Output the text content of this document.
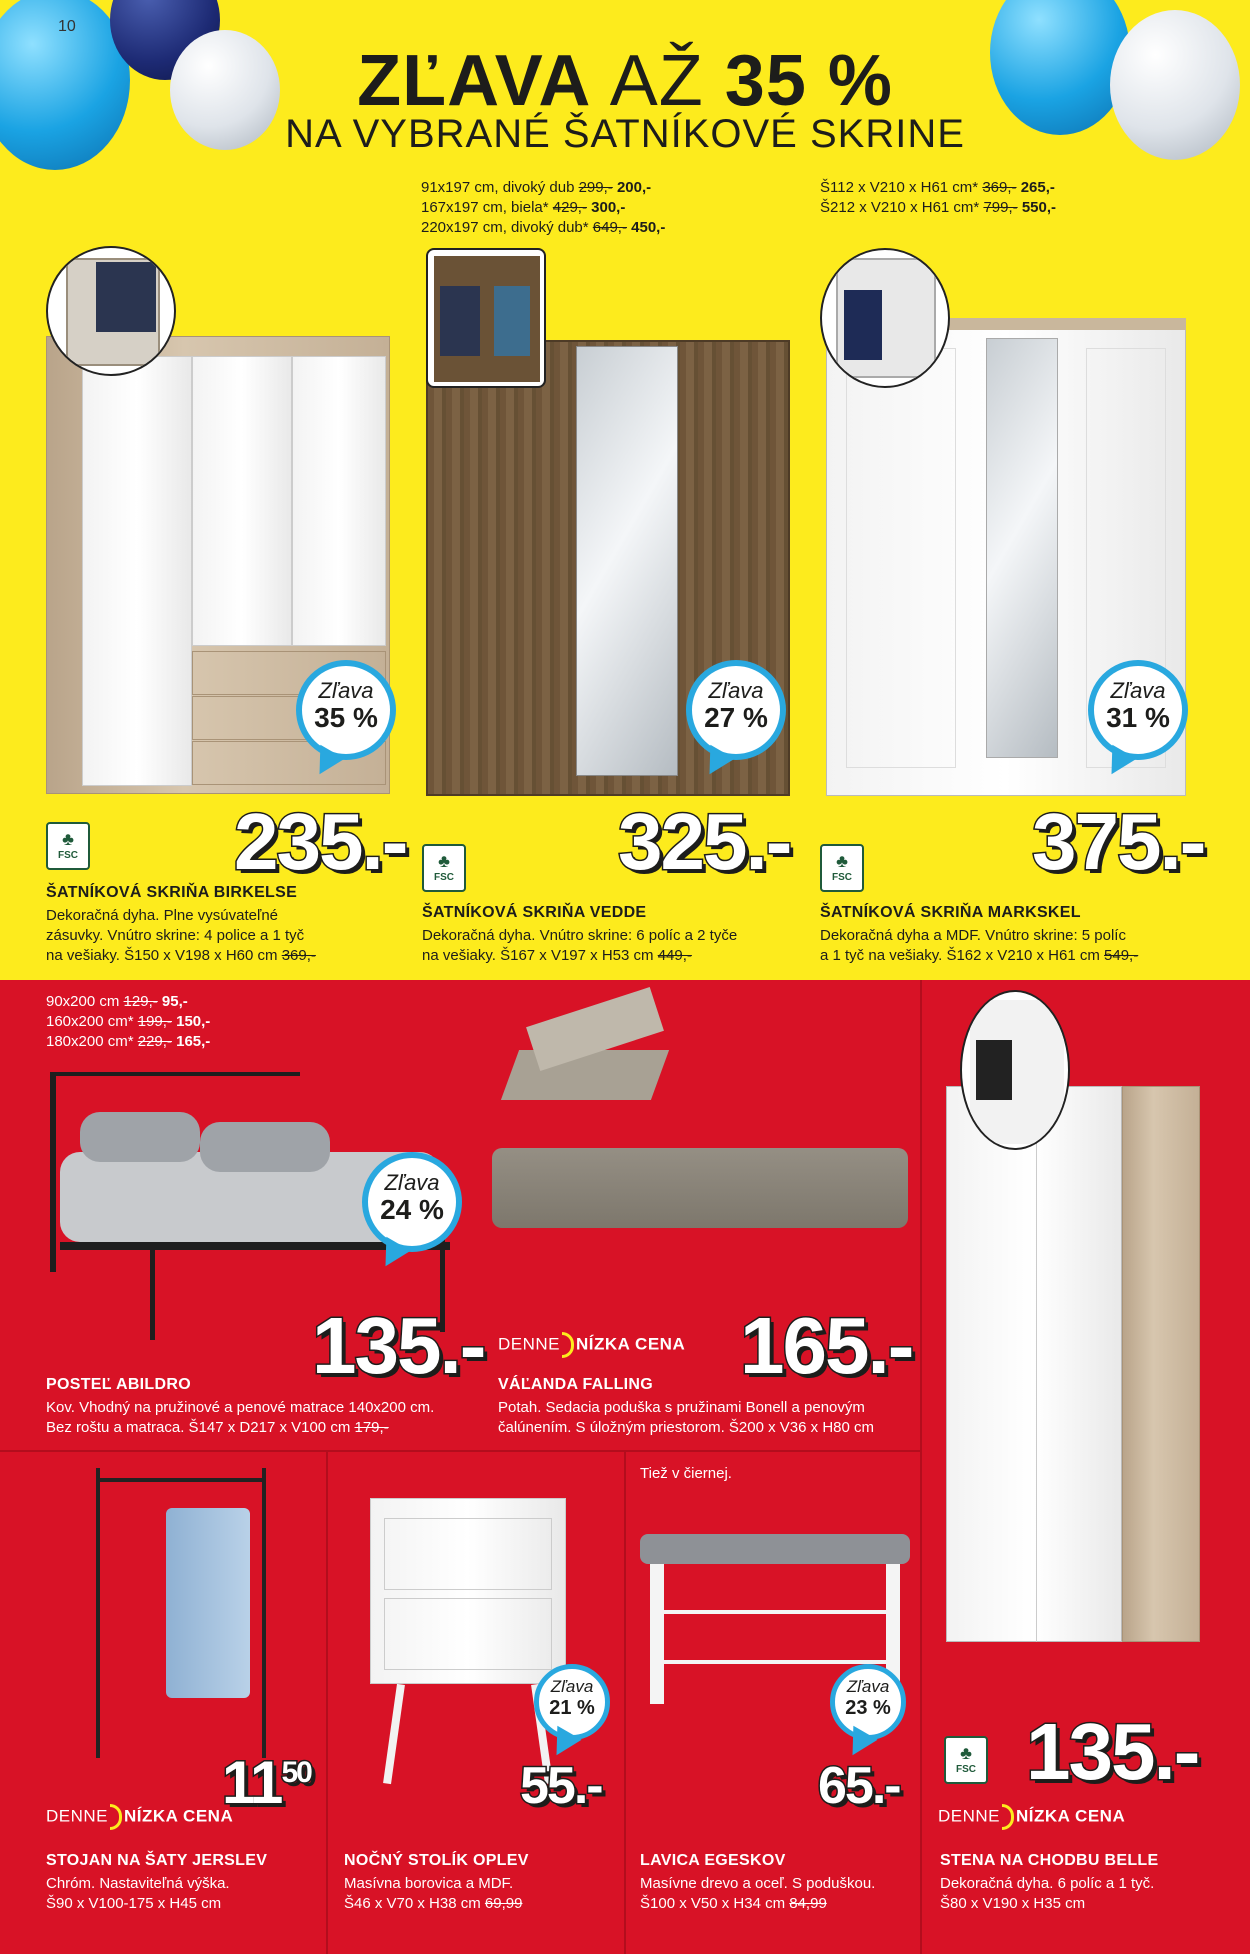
10
ZĽAVA AŽ 35 %
NA VYBRANÉ ŠATNÍKOVÉ SKRINE
91x197 cm, divoký dub 299,- 200,-
167x197 cm, biela* 429,- 300,-
220x197 cm, divoký dub* 649,- 450,-
Š112 x V210 x H61 cm* 369,- 265,-
Š212 x V210 x H61 cm* 799,- 550,-
Zľava
35 %
Zľava
27 %
Zľava
31 %
♣
FSC	♣
FSC
♣
FSC
235.-	325.-	375.-
ŠATNÍKOVÁ SKRIŇA BIRKELSE
Dekoračná dyha. Plne vysúvateľné
zásuvky. Vnútro skrine: 4 police a 1 tyč
na vešiaky. Š150 x V198 x H60 cm 369,-
ŠATNÍKOVÁ SKRIŇA VEDDE
Dekoračná dyha. Vnútro skrine: 6 políc a 2 tyče
na vešiaky. Š167 x V197 x H53 cm 449,-
ŠATNÍKOVÁ SKRIŇA MARKSKEL
Dekoračná dyha a MDF. Vnútro skrine: 5 políc
a 1 tyč na vešiaky. Š162 x V210 x H61 cm 549,-
90x200 cm 129,- 95,-
160x200 cm* 199,- 150,-
180x200 cm* 229,- 165,-
Zľava
24 %
135.-
POSTEĽ ABILDRO
Kov. Vhodný na pružinové a penové matrace 140x200 cm.
Bez roštu a matraca. Š147 x D217 x V100 cm 179,-
DENNE NÍZKA CENA 165.-
VÁĽANDA FALLING
Potah. Sedacia poduška s pružinami Bonell a penovým
čalúnením. S úložným priestorom. Š200 x V36 x H80 cm
♣
FSC 135.-
DENNE NÍZKA CENA
STENA NA CHODBU BELLE
Dekoračná dyha. 6 políc a 1 tyč.
Š80 x V190 x H35 cm
$11^{50}$
DENNE NÍZKA CENA
STOJAN NA ŠATY JERSLEV
Chróm. Nastaviteľná výška.
Š90 x V100-175 x H45 cm
Zľava
21 %
55.-
NOČNÝ STOLÍK OPLEV
Masívna borovica a MDF.
Š46 x V70 x H38 cm 69,99
Tiež v čiernej.
Zľava
23 %
65.-
LAVICA EGESKOV
Masívne drevo a oceľ. S poduškou.
Š100 x V50 x H34 cm 84,99
